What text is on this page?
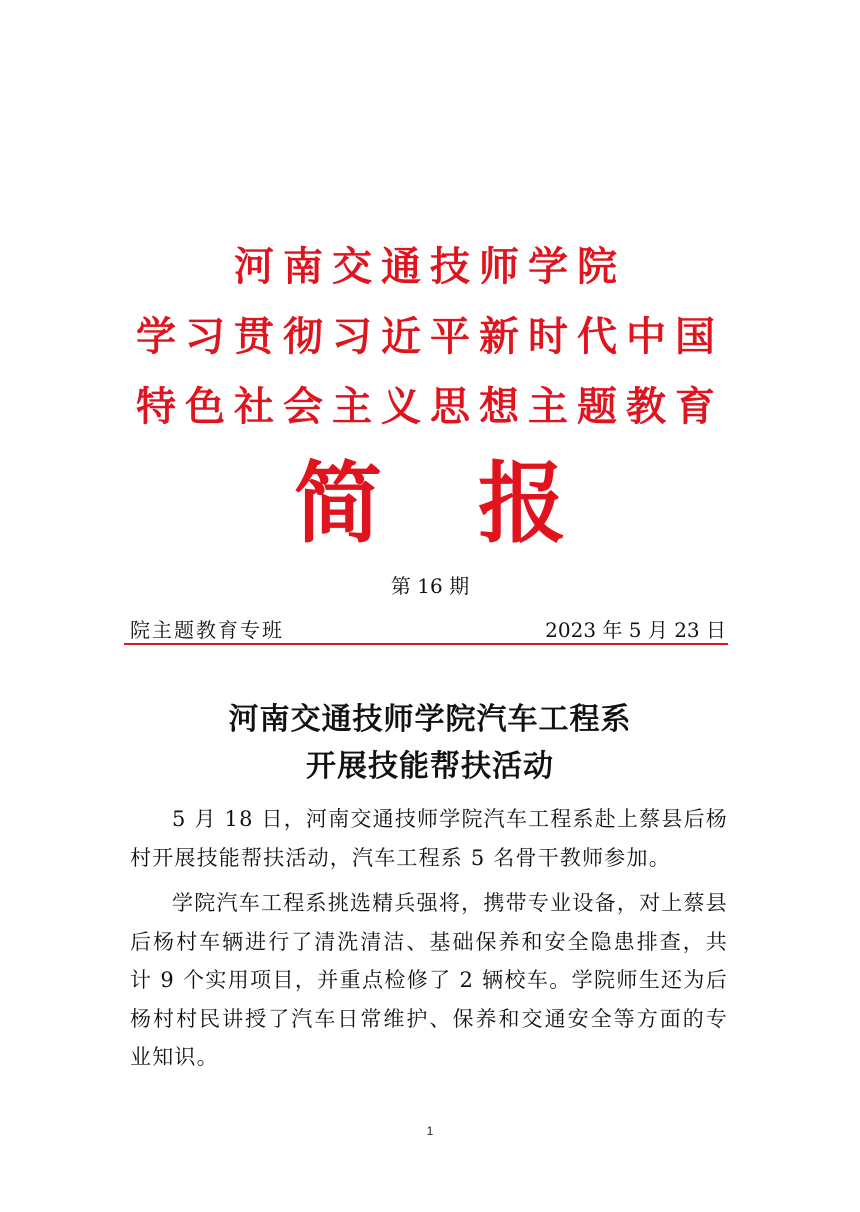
河南交通技师学院
学习贯彻习近平新时代中国
特色社会主义思想主题教育
简 报
第 16 期
院主题教育专班	2023 年 5 月 23 日
河南交通技师学院汽车工程系
开展技能帮扶活动

5 月 18 日，河南交通技师学院汽车工程系赴上蔡县后杨村开展技能帮扶活动，汽车工程系 5 名骨干教师参加。

学院汽车工程系挑选精兵强将，携带专业设备，对上蔡县后杨村车辆进行了清洗清洁、基础保养和安全隐患排查，共计 9 个实用项目，并重点检修了 2 辆校车。学院师生还为后杨村村民讲授了汽车日常维护、保养和交通安全等方面的专业知识。

1
